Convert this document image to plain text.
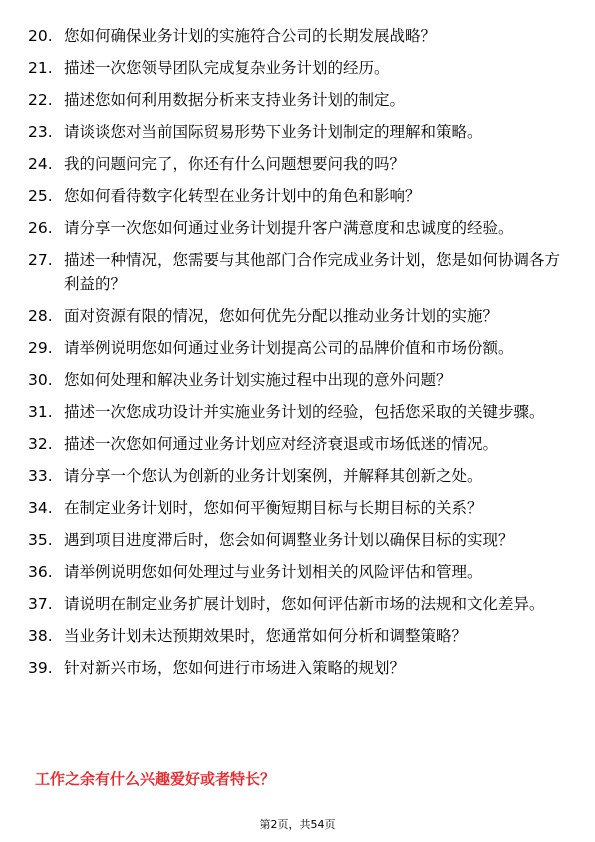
20. 您如何确保业务计划的实施符合公司的长期发展战略？
21. 描述一次您领导团队完成复杂业务计划的经历。
22. 描述您如何利用数据分析来支持业务计划的制定。
23. 请谈谈您对当前国际贸易形势下业务计划制定的理解和策略。
24. 我的问题问完了，你还有什么问题想要问我的吗？
25. 您如何看待数字化转型在业务计划中的角色和影响？
26. 请分享一次您如何通过业务计划提升客户满意度和忠诚度的经验。
27. 描述一种情况，您需要与其他部门合作完成业务计划，您是如何协调各方利益的？
28. 面对资源有限的情况，您如何优先分配以推动业务计划的实施？
29. 请举例说明您如何通过业务计划提高公司的品牌价值和市场份额。
30. 您如何处理和解决业务计划实施过程中出现的意外问题？
31. 描述一次您成功设计并实施业务计划的经验，包括您采取的关键步骤。
32. 描述一次您如何通过业务计划应对经济衰退或市场低迷的情况。
33. 请分享一个您认为创新的业务计划案例，并解释其创新之处。
34. 在制定业务计划时，您如何平衡短期目标与长期目标的关系？
35. 遇到项目进度滞后时，您会如何调整业务计划以确保目标的实现？
36. 请举例说明您如何处理过与业务计划相关的风险评估和管理。
37. 请说明在制定业务扩展计划时，您如何评估新市场的法规和文化差异。
38. 当业务计划未达预期效果时，您通常如何分析和调整策略？
39. 针对新兴市场，您如何进行市场进入策略的规划？

工作之余有什么兴趣爱好或者特长？

第2页，共54页
